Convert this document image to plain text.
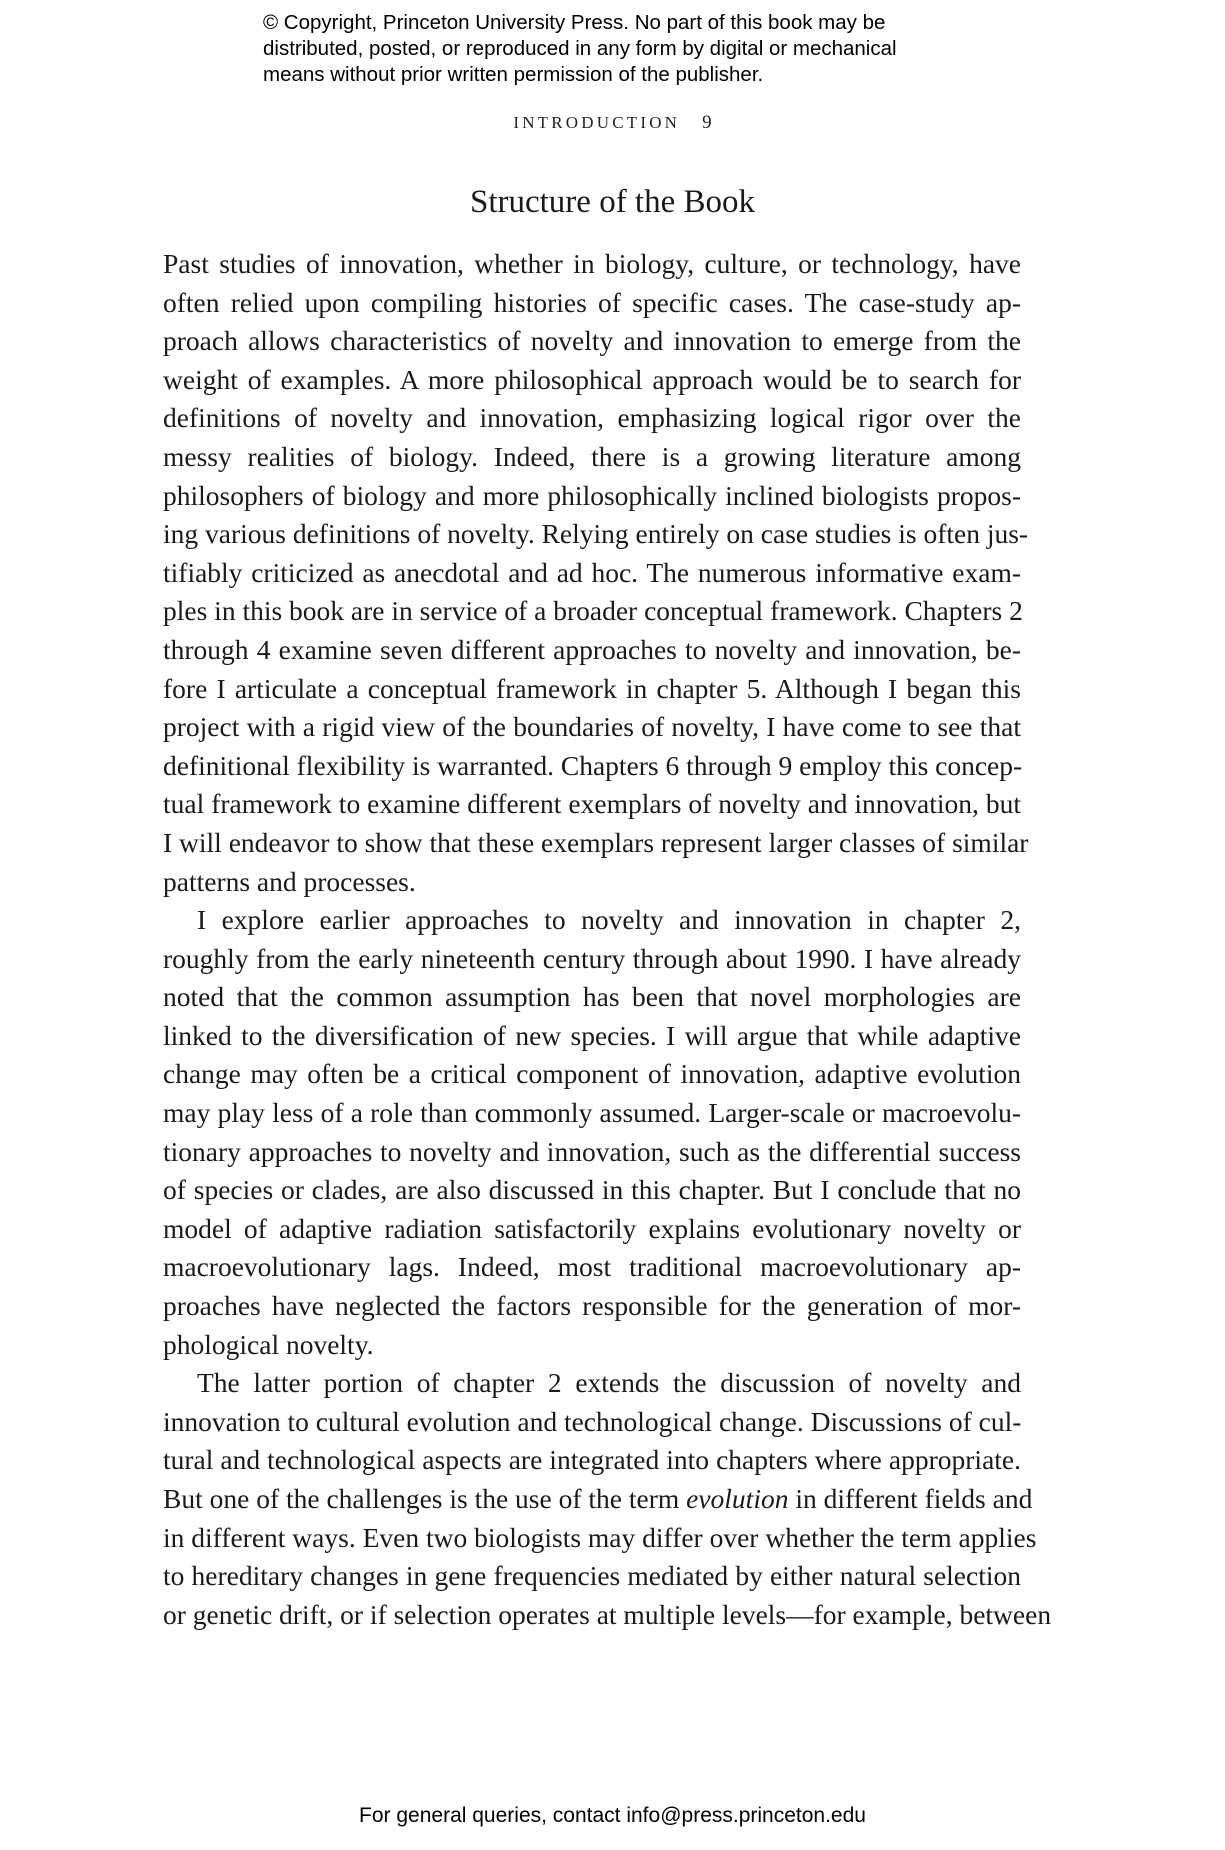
© Copyright, Princeton University Press. No part of this book may be
distributed, posted, or reproduced in any form by digital or mechanical
means without prior written permission of the publisher.
INTRODUCTION 9
Structure of the Book
Past studies of innovation, whether in biology, culture, or technology, have
often relied upon compiling histories of specific cases. The case-study ap-
proach allows characteristics of novelty and innovation to emerge from the
weight of examples. A more philosophical approach would be to search for
definitions of novelty and innovation, emphasizing logical rigor over the
messy realities of biology. Indeed, there is a growing literature among
philosophers of biology and more philosophically inclined biologists propos-
ing various definitions of novelty. Relying entirely on case studies is often jus-
tifiably criticized as anecdotal and ad hoc. The numerous informative exam-
ples in this book are in service of a broader conceptual framework. Chapters 2
through 4 examine seven different approaches to novelty and innovation, be-
fore I articulate a conceptual framework in chapter 5. Although I began this
project with a rigid view of the boundaries of novelty, I have come to see that
definitional flexibility is warranted. Chapters 6 through 9 employ this concep-
tual framework to examine different exemplars of novelty and innovation, but
I will endeavor to show that these exemplars represent larger classes of similar
patterns and processes.
I explore earlier approaches to novelty and innovation in chapter 2,
roughly from the early nineteenth century through about 1990. I have already
noted that the common assumption has been that novel morphologies are
linked to the diversification of new species. I will argue that while adaptive
change may often be a critical component of innovation, adaptive evolution
may play less of a role than commonly assumed. Larger-scale or macroevolu-
tionary approaches to novelty and innovation, such as the differential success
of species or clades, are also discussed in this chapter. But I conclude that no
model of adaptive radiation satisfactorily explains evolutionary novelty or
macroevolutionary lags. Indeed, most traditional macroevolutionary ap-
proaches have neglected the factors responsible for the generation of mor-
phological novelty.
The latter portion of chapter 2 extends the discussion of novelty and
innovation to cultural evolution and technological change. Discussions of cul-
tural and technological aspects are integrated into chapters where appropriate.
But one of the challenges is the use of the term evolution in different fields and
in different ways. Even two biologists may differ over whether the term applies
to hereditary changes in gene frequencies mediated by either natural selection
or genetic drift, or if selection operates at multiple levels—for example, between
For general queries, contact info@press.princeton.edu
